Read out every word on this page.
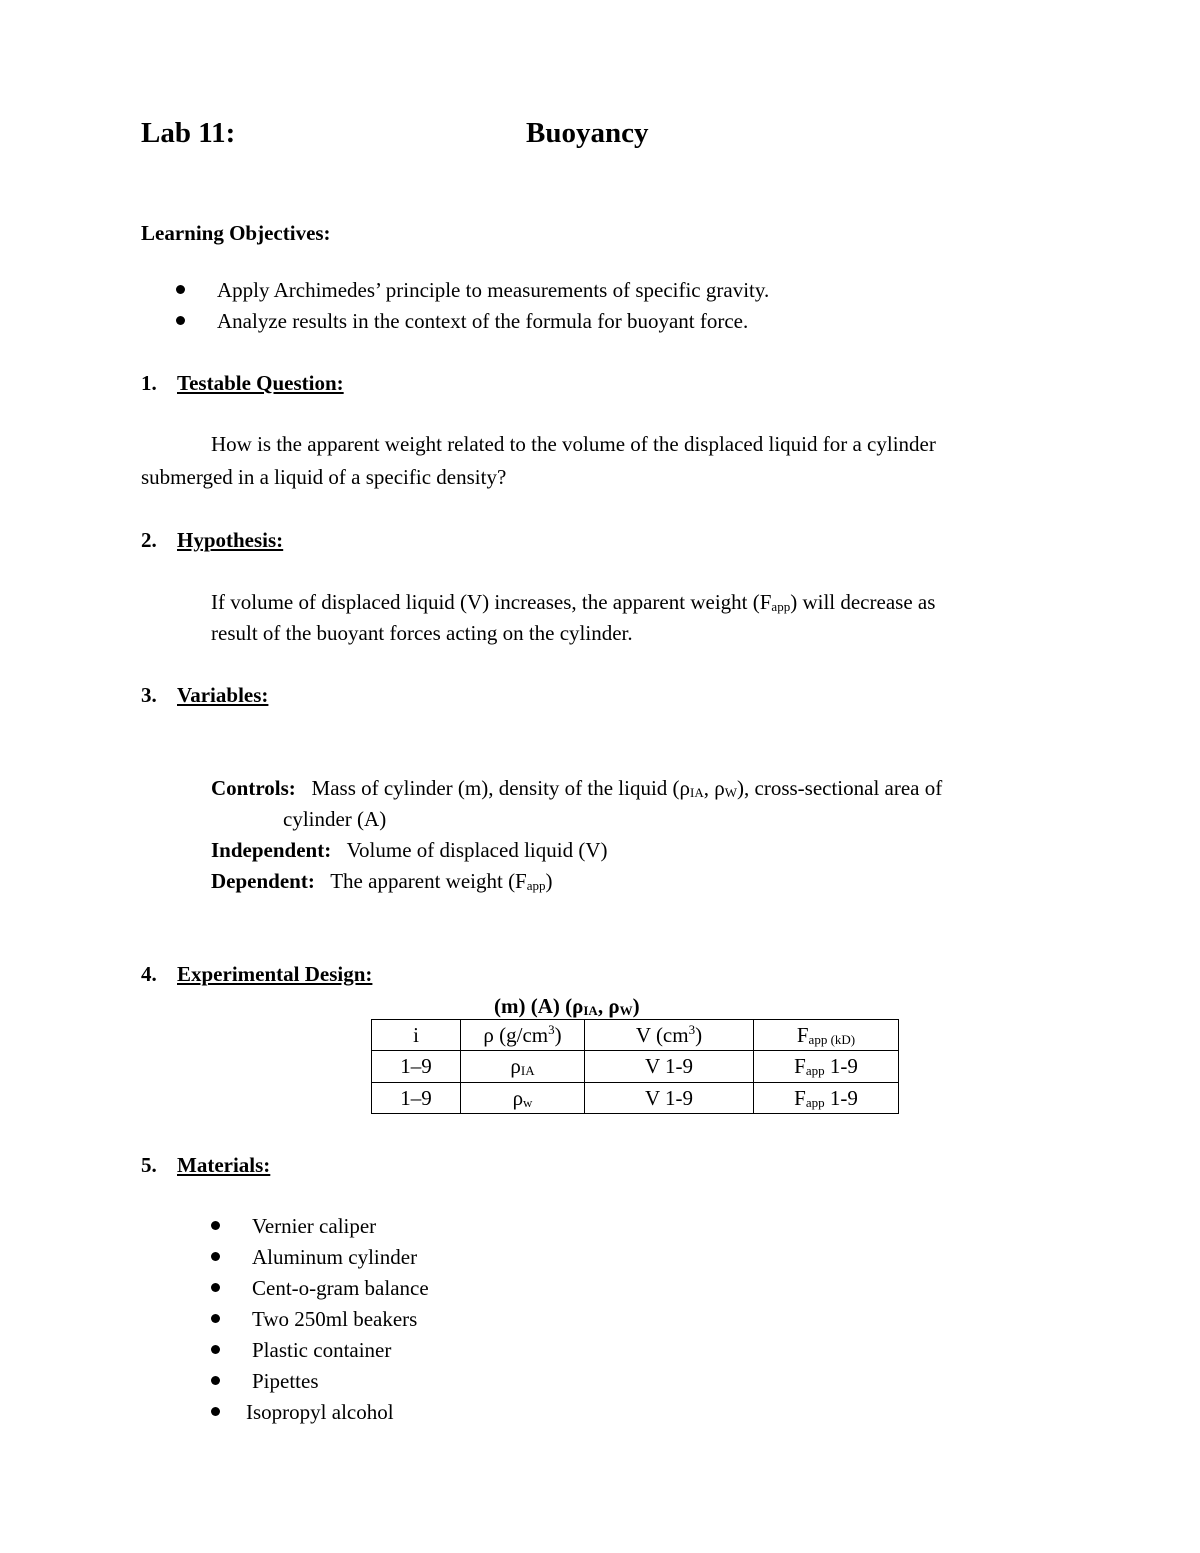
Lab 11:	Buoyancy
Learning Objectives:
Apply Archimedes’ principle to measurements of specific gravity.
Analyze results in the context of the formula for buoyant force.
1. Testable Question:
How is the apparent weight related to the volume of the displaced liquid for a cylinder
submerged in a liquid of a specific density?
2. Hypothesis:
If volume of displaced liquid (V) increases, the apparent weight (Fapp) will decrease as
result of the buoyant forces acting on the cylinder.
3. Variables:
Controls: Mass of cylinder (m), density of the liquid (ρIA, ρW), cross-sectional area of
cylinder (A)
Independent: Volume of displaced liquid (V)
Dependent: The apparent weight (Fapp)
4. Experimental Design:
(m) (A) (ρIA, ρW)
i	ρ $(g/cm^3)$	V $(cm^3)$	Fapp (kD)
1–9	ρIA	V 1-9	Fapp 1-9
1–9	ρw	V 1-9	Fapp 1-9
5. Materials:
Vernier caliper
Aluminum cylinder
Cent-o-gram balance
Two 250ml beakers
Plastic container
Pipettes
Isopropyl alcohol
